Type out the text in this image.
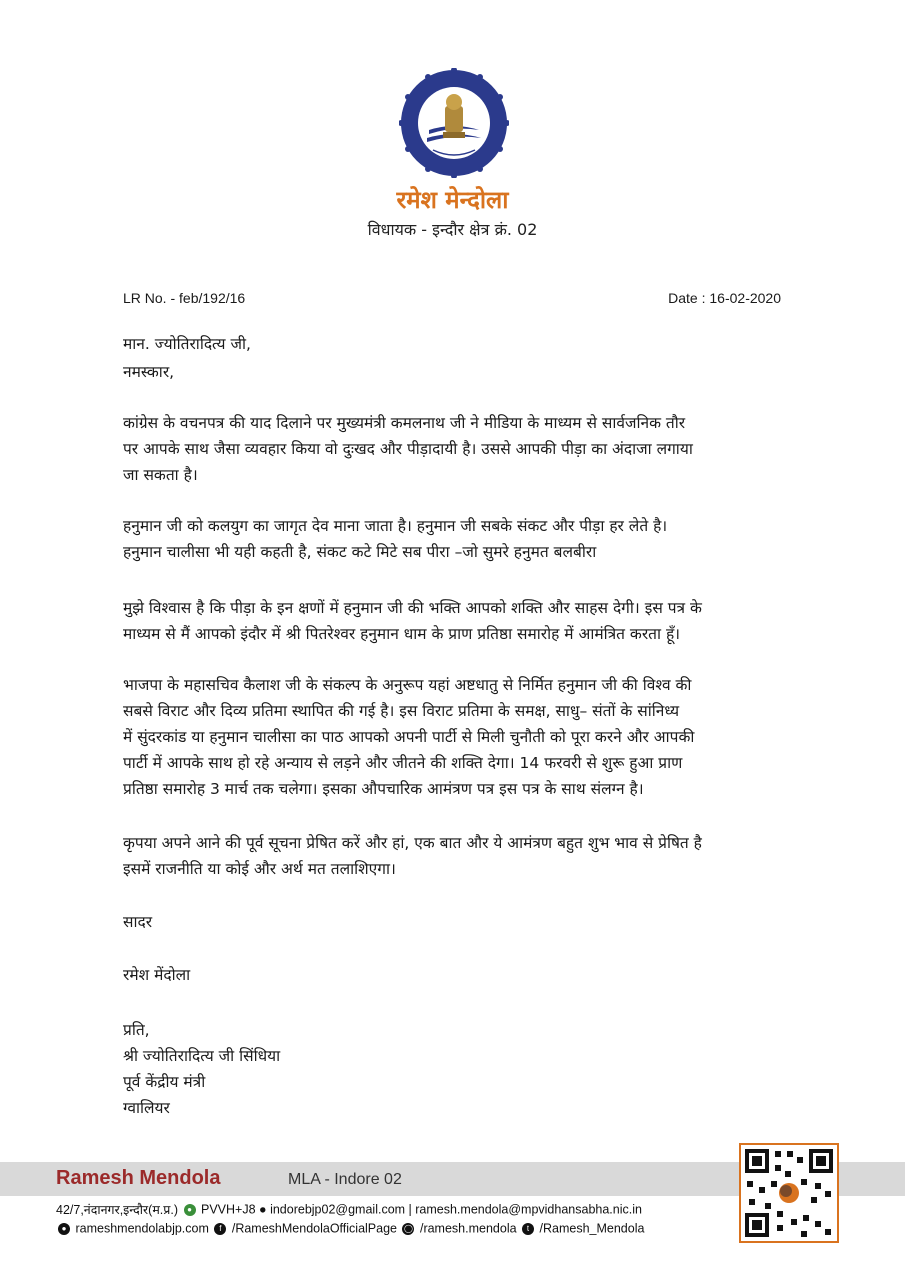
रमेश मेन्दोला
विधायक - इन्दौर क्षेत्र क्रं. 02
LR No. - feb/192/16	Date : 16-02-2020
मान. ज्योतिरादित्य जी,
नमस्कार,
कांग्रेस के वचनपत्र की याद दिलाने पर मुख्यमंत्री कमलनाथ जी ने मीडिया के माध्यम से सार्वजनिक तौर
पर आपके साथ जैसा व्यवहार किया वो दुःखद और पीड़ादायी है। उससे आपकी पीड़ा का अंदाजा लगाया
जा सकता है।
हनुमान जी को कलयुग का जागृत देव माना जाता है। हनुमान जी सबके संकट और पीड़ा हर लेते है।
हनुमान चालीसा भी यही कहती है, संकट कटे मिटे सब पीरा –जो सुमरे हनुमत बलबीरा
मुझे विश्वास है कि पीड़ा के इन क्षणों में हनुमान जी की भक्ति आपको शक्ति और साहस देगी। इस पत्र के
माध्यम से मैं आपको इंदौर में श्री पितरेश्वर हनुमान धाम के प्राण प्रतिष्ठा समारोह में आमंत्रित करता हूँ।
भाजपा के महासचिव कैलाश जी के संकल्प के अनुरूप यहां अष्टधातु से निर्मित हनुमान जी की विश्व की
सबसे विराट और दिव्य प्रतिमा स्थापित की गई है। इस विराट प्रतिमा के समक्ष, साधु– संतों के सांनिध्य
में सुंदरकांड या हनुमान चालीसा का पाठ आपको अपनी पार्टी से मिली चुनौती को पूरा करने और आपकी
पार्टी में आपके साथ हो रहे अन्याय से लड़ने और जीतने की शक्ति देगा। 14 फरवरी से शुरू हुआ प्राण
प्रतिष्ठा समारोह 3 मार्च तक चलेगा। इसका औपचारिक आमंत्रण पत्र इस पत्र के साथ संलग्न है।
कृपया अपने आने की पूर्व सूचना प्रेषित करें और हां, एक बात और ये आमंत्रण बहुत शुभ भाव से प्रेषित है
इसमें राजनीति या कोई और अर्थ मत तलाशिएगा।
सादर
रमेश मेंदोला
प्रति,
श्री ज्योतिरादित्य जी सिंधिया
पूर्व केंद्रीय मंत्री
ग्वालियर
Ramesh Mendola	MLA - Indore 02
42/7,नंदानगर,इन्दौर(म.प्र.) ● PVVH+J8 ● indorebjp02@gmail.com | ramesh.mendola@mpvidhansabha.nic.in
● rameshmendolabjp.com f /RameshMendolaOfficialPage ◯ /ramesh.mendola t /Ramesh_Mendola
